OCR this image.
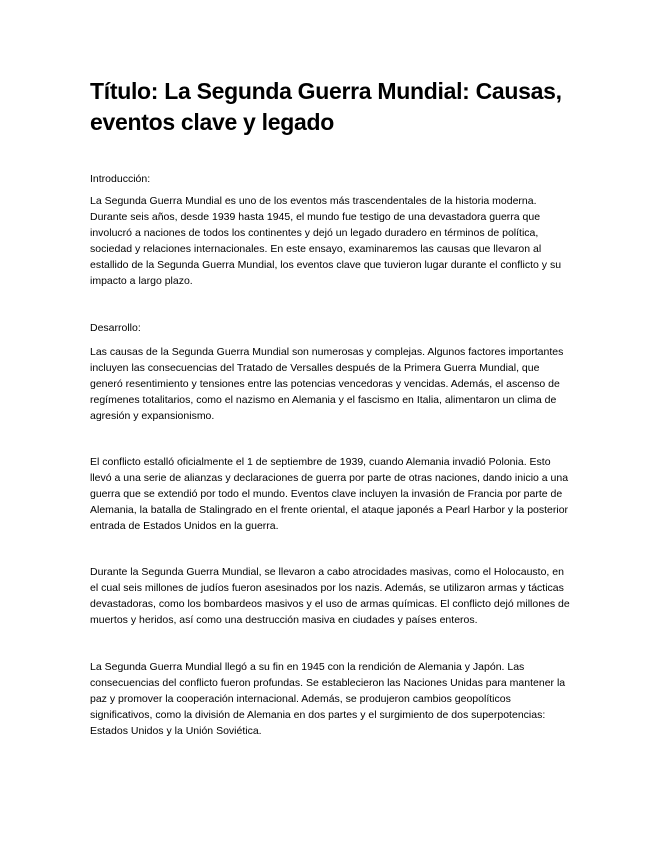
Título: La Segunda Guerra Mundial: Causas, eventos clave y legado

Introducción:

La Segunda Guerra Mundial es uno de los eventos más trascendentales de la historia moderna. Durante seis años, desde 1939 hasta 1945, el mundo fue testigo de una devastadora guerra que involucró a naciones de todos los continentes y dejó un legado duradero en términos de política, sociedad y relaciones internacionales. En este ensayo, examinaremos las causas que llevaron al estallido de la Segunda Guerra Mundial, los eventos clave que tuvieron lugar durante el conflicto y su impacto a largo plazo.

Desarrollo:

Las causas de la Segunda Guerra Mundial son numerosas y complejas. Algunos factores importantes incluyen las consecuencias del Tratado de Versalles después de la Primera Guerra Mundial, que generó resentimiento y tensiones entre las potencias vencedoras y vencidas. Además, el ascenso de regímenes totalitarios, como el nazismo en Alemania y el fascismo en Italia, alimentaron un clima de agresión y expansionismo.

El conflicto estalló oficialmente el 1 de septiembre de 1939, cuando Alemania invadió Polonia. Esto llevó a una serie de alianzas y declaraciones de guerra por parte de otras naciones, dando inicio a una guerra que se extendió por todo el mundo. Eventos clave incluyen la invasión de Francia por parte de Alemania, la batalla de Stalingrado en el frente oriental, el ataque japonés a Pearl Harbor y la posterior entrada de Estados Unidos en la guerra.

Durante la Segunda Guerra Mundial, se llevaron a cabo atrocidades masivas, como el Holocausto, en el cual seis millones de judíos fueron asesinados por los nazis. Además, se utilizaron armas y tácticas devastadoras, como los bombardeos masivos y el uso de armas químicas. El conflicto dejó millones de muertos y heridos, así como una destrucción masiva en ciudades y países enteros.

La Segunda Guerra Mundial llegó a su fin en 1945 con la rendición de Alemania y Japón. Las consecuencias del conflicto fueron profundas. Se establecieron las Naciones Unidas para mantener la paz y promover la cooperación internacional. Además, se produjeron cambios geopolíticos significativos, como la división de Alemania en dos partes y el surgimiento de dos superpotencias: Estados Unidos y la Unión Soviética.
